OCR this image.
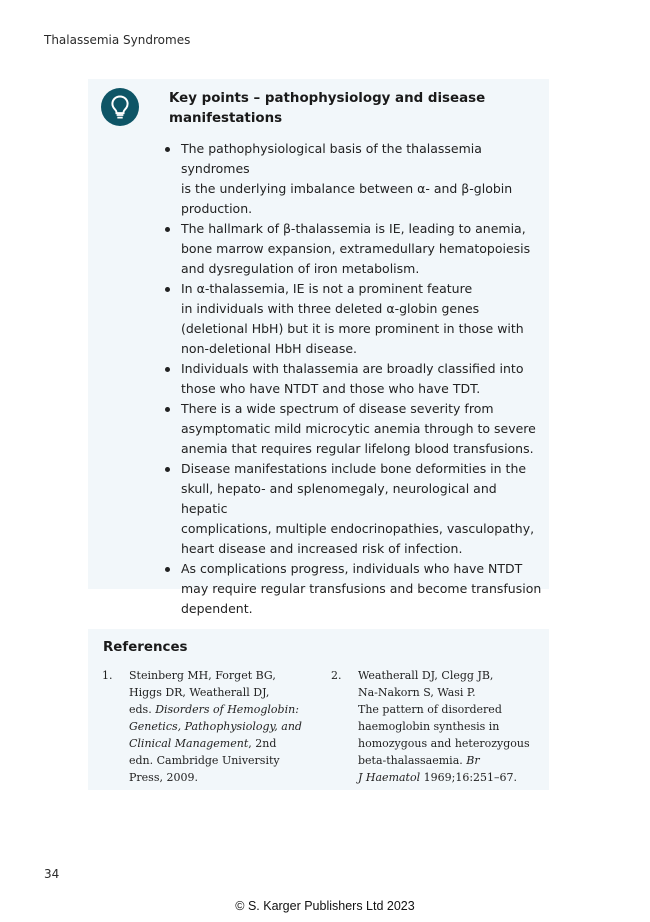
Thalassemia Syndromes
Key points – pathophysiology and disease
manifestations
The pathophysiological basis of the thalassemia syndromes
is the underlying imbalance between α- and β-globin
production.
The hallmark of β-thalassemia is IE, leading to anemia,
bone marrow expansion, extramedullary hematopoiesis
and dysregulation of iron metabolism.
In α-thalassemia, IE is not a prominent feature
in individuals with three deleted α-globin genes
(deletional HbH) but it is more prominent in those with
non-deletional HbH disease.
Individuals with thalassemia are broadly classified into
those who have NTDT and those who have TDT.
There is a wide spectrum of disease severity from
asymptomatic mild microcytic anemia through to severe
anemia that requires regular lifelong blood transfusions.
Disease manifestations include bone deformities in the
skull, hepato- and splenomegaly, neurological and hepatic
complications, multiple endocrinopathies, vasculopathy,
heart disease and increased risk of infection.
As complications progress, individuals who have NTDT
may require regular transfusions and become transfusion
dependent.
References
1. Steinberg MH, Forget BG,
Higgs DR, Weatherall DJ,
eds. Disorders of Hemoglobin:
Genetics, Pathophysiology, and
Clinical Management, 2nd
edn. Cambridge University
Press, 2009.
2. Weatherall DJ, Clegg JB,
Na-Nakorn S, Wasi P.
The pattern of disordered
haemoglobin synthesis in
homozygous and heterozygous
beta-thalassaemia. Br
J Haematol 1969;16:251–67.
34
© S. Karger Publishers Ltd 2023
